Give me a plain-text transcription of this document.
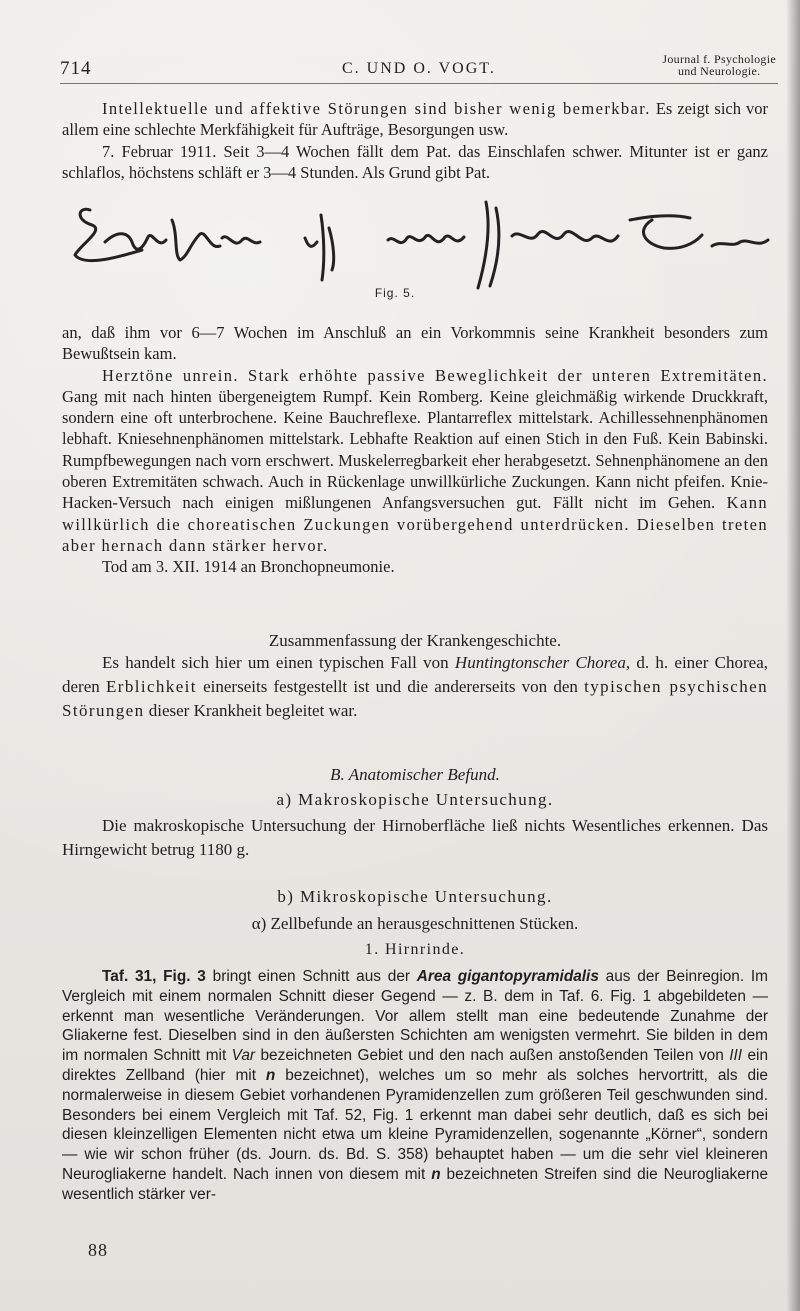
714	C. UND O. VOGT.
Journal f. Psychologie
und Neurologie.

Intellektuelle und affektive Störungen sind bisher wenig bemerkbar. Es zeigt sich vor allem eine schlechte Merkfähigkeit für Aufträge, Besorgungen usw.

7. Februar 1911. Seit 3—4 Wochen fällt dem Pat. das Einschlafen schwer. Mitunter ist er ganz schlaflos, höchstens schläft er 3—4 Stunden. Als Grund gibt Pat.

Fig. 5.

an, daß ihm vor 6—7 Wochen im Anschluß an ein Vorkommnis seine Krankheit besonders zum Bewußtsein kam.

Herztöne unrein. Stark erhöhte passive Beweglichkeit der unteren Extremitäten. Gang mit nach hinten übergeneigtem Rumpf. Kein Romberg. Keine gleichmäßig wirkende Druckkraft, sondern eine oft unterbrochene. Keine Bauchreflexe. Plantarreflex mittelstark. Achillessehnenphänomen lebhaft. Kniesehnenphänomen mittelstark. Lebhafte Reaktion auf einen Stich in den Fuß. Kein Babinski. Rumpfbewegungen nach vorn erschwert. Muskelerregbarkeit eher herabgesetzt. Sehnenphänomene an den oberen Extremitäten schwach. Auch in Rückenlage unwillkürliche Zuckungen. Kann nicht pfeifen. Knie-Hacken-Versuch nach einigen mißlungenen Anfangsversuchen gut. Fällt nicht im Gehen. Kann willkürlich die choreatischen Zuckungen vorübergehend unterdrücken. Dieselben treten aber hernach dann stärker hervor.

Tod am 3. XII. 1914 an Bronchopneumonie.

Zusammenfassung der Krankengeschichte.

Es handelt sich hier um einen typischen Fall von Huntingtonscher Chorea, d. h. einer Chorea, deren Erblichkeit einerseits festgestellt ist und die andererseits von den typischen psychischen Störungen dieser Krankheit begleitet war.

B. Anatomischer Befund.

a) Makroskopische Untersuchung.

Die makroskopische Untersuchung der Hirnoberfläche ließ nichts Wesentliches erkennen. Das Hirngewicht betrug 1180 g.

b) Mikroskopische Untersuchung.

α) Zellbefunde an herausgeschnittenen Stücken.

1. Hirnrinde.

Taf. 31, Fig. 3 bringt einen Schnitt aus der Area gigantopyramidalis aus der Beinregion. Im Vergleich mit einem normalen Schnitt dieser Gegend — z. B. dem in Taf. 6. Fig. 1 abgebildeten — erkennt man wesentliche Veränderungen. Vor allem stellt man eine bedeutende Zunahme der Gliakerne fest. Dieselben sind in den äußersten Schichten am wenigsten vermehrt. Sie bilden in dem im normalen Schnitt mit Var bezeichneten Gebiet und den nach außen anstoßenden Teilen von III ein direktes Zellband (hier mit n bezeichnet), welches um so mehr als solches hervortritt, als die normalerweise in diesem Gebiet vorhandenen Pyramidenzellen zum größeren Teil geschwunden sind. Besonders bei einem Vergleich mit Taf. 52, Fig. 1 erkennt man dabei sehr deutlich, daß es sich bei diesen kleinzelligen Elementen nicht etwa um kleine Pyramidenzellen, sogenannte „Körner“, sondern — wie wir schon früher (ds. Journ. ds. Bd. S. 358) behauptet haben — um die sehr viel kleineren Neurogliakerne handelt. Nach innen von diesem mit n bezeichneten Streifen sind die Neurogliakerne wesentlich stärker ver-

88
